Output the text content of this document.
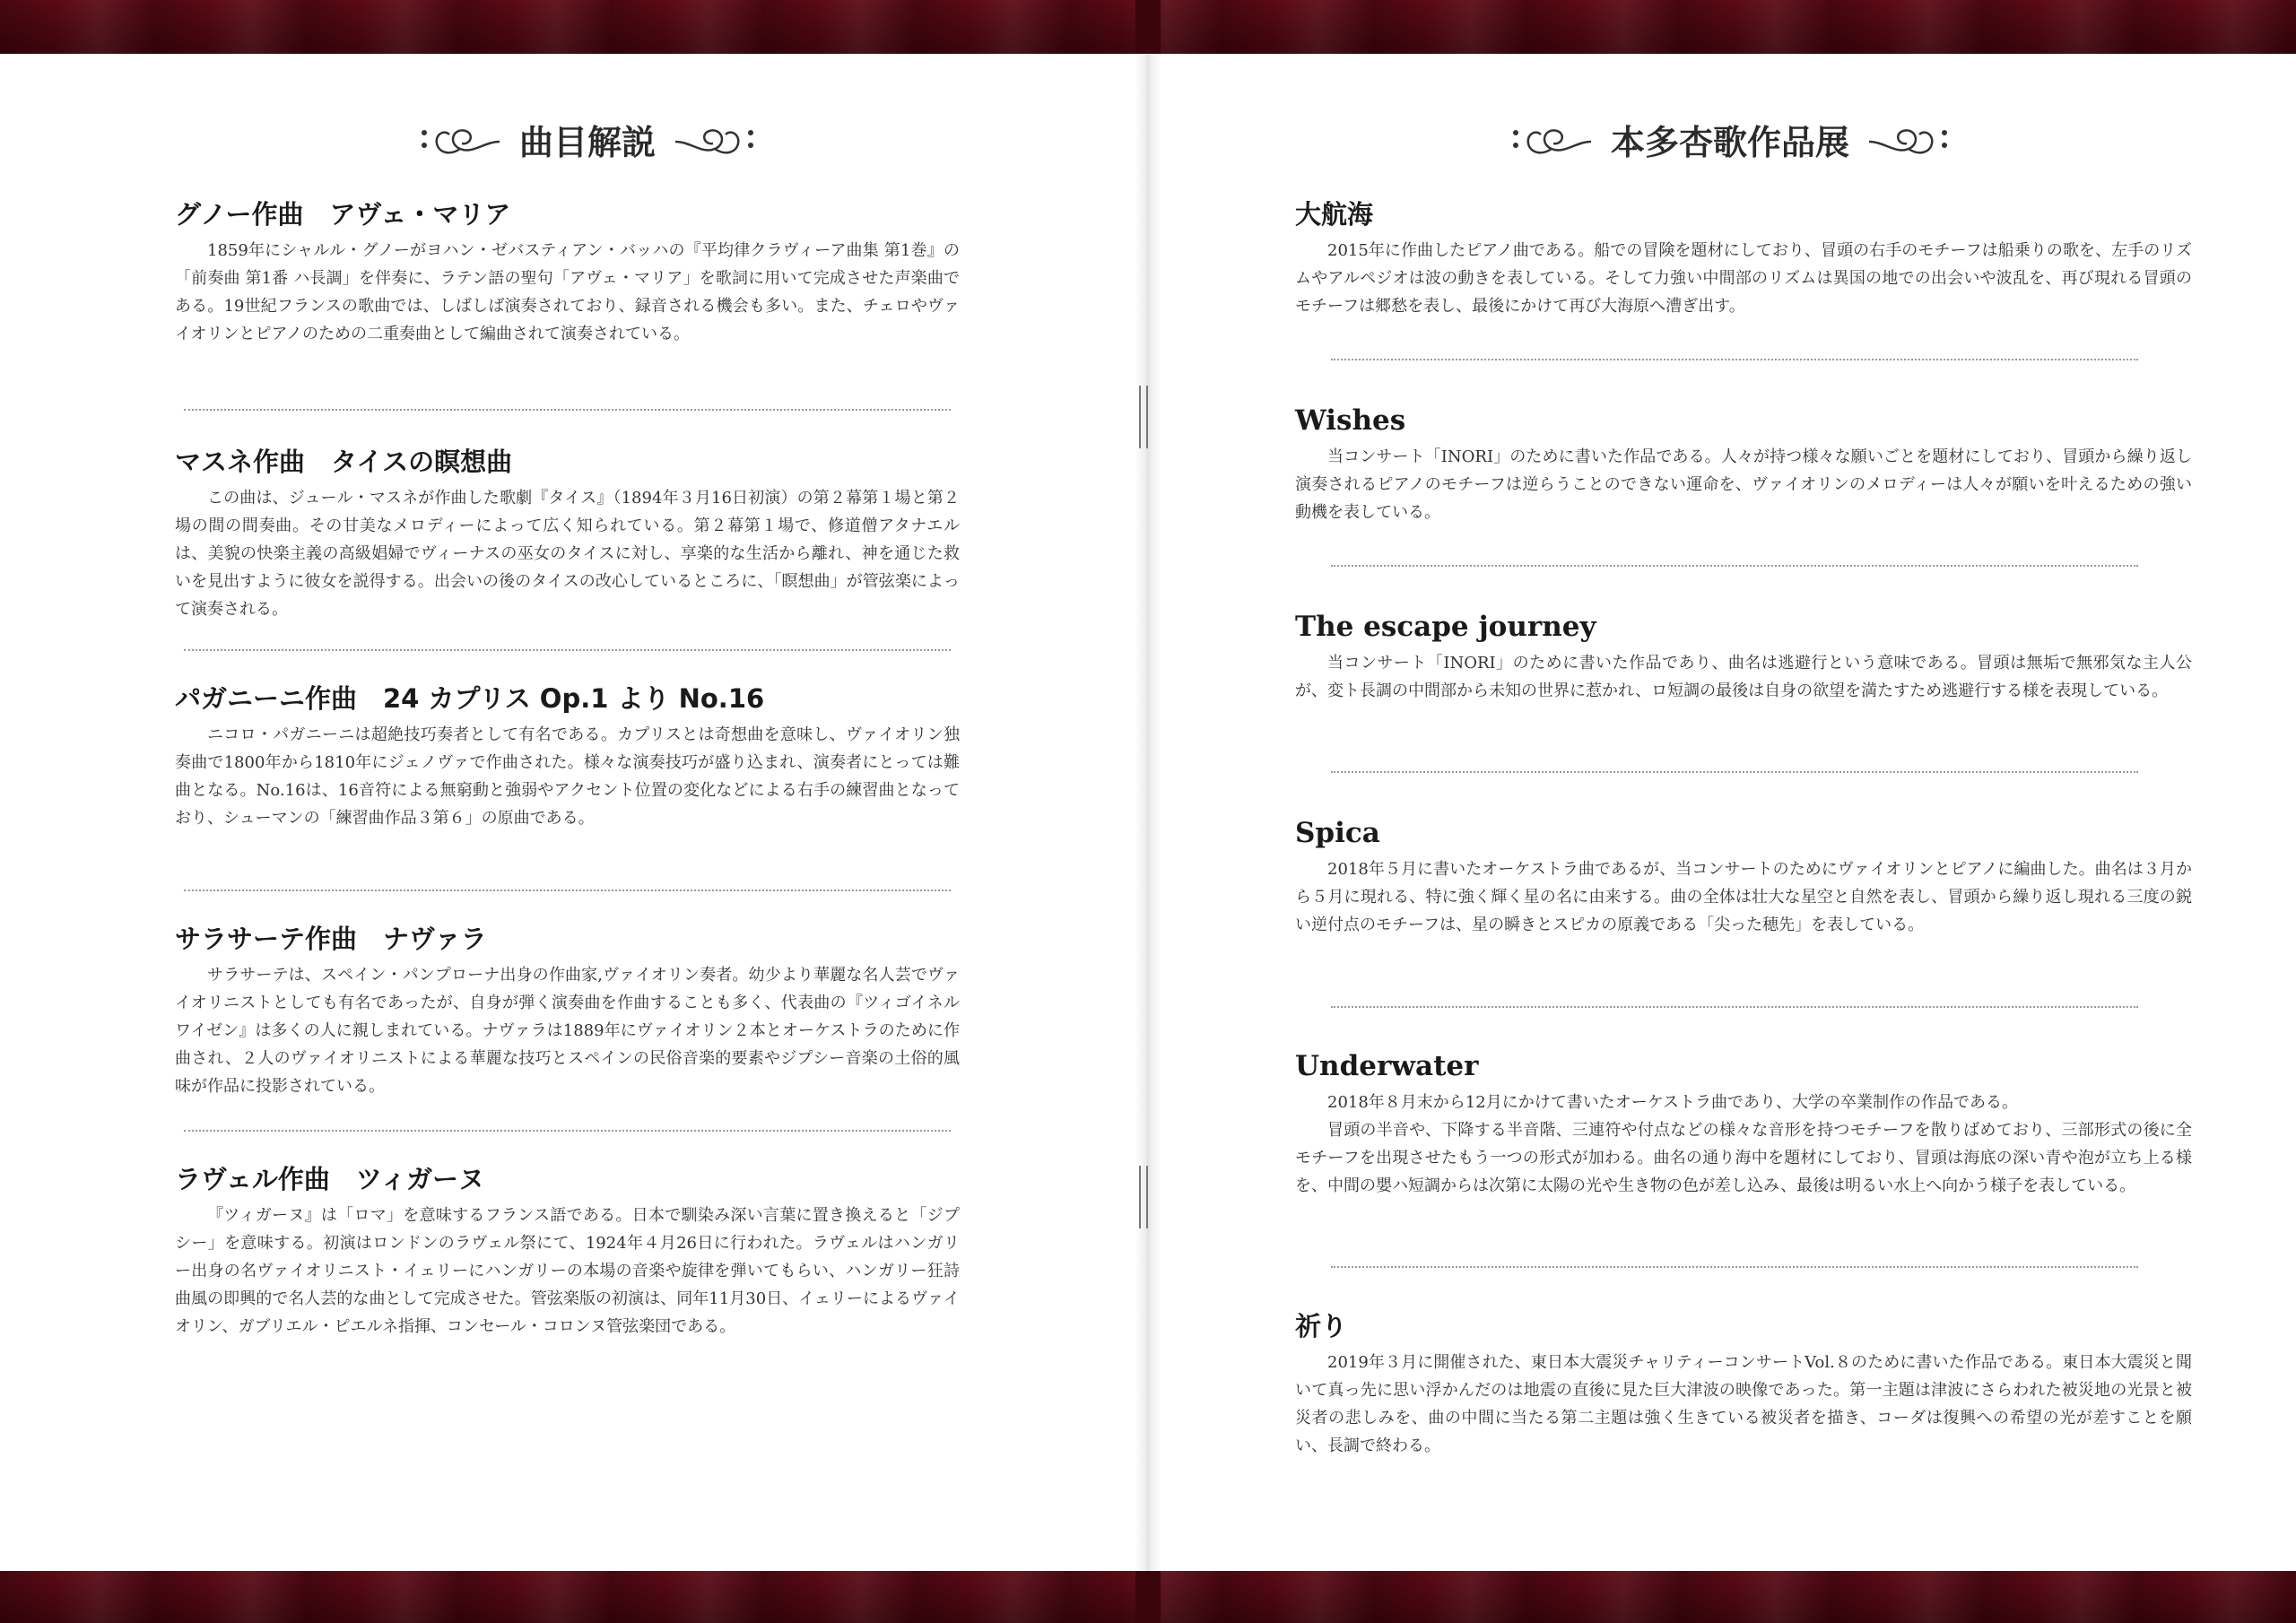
曲目解説
グノー作曲　アヴェ・マリア

1859年にシャルル・グノーがヨハン・ゼバスティアン・バッハの『平均律クラヴィーア曲集 第1巻』の「前奏曲 第1番 ハ長調」を伴奏に、ラテン語の聖句「アヴェ・マリア」を歌詞に用いて完成させた声楽曲である。19世紀フランスの歌曲では、しばしば演奏されており、録音される機会も多い。また、チェロやヴァイオリンとピアノのための二重奏曲として編曲されて演奏されている。

マスネ作曲　タイスの瞑想曲

この曲は、ジュール・マスネが作曲した歌劇『タイス』（1894年３月16日初演）の第２幕第１場と第２場の間の間奏曲。その甘美なメロディーによって広く知られている。第２幕第１場で、修道僧アタナエルは、美貌の快楽主義の高級娼婦でヴィーナスの巫女のタイスに対し、享楽的な生活から離れ、神を通じた救いを見出すように彼女を説得する。出会いの後のタイスの改心しているところに、「瞑想曲」が管弦楽によって演奏される。

パガニーニ作曲　24 カプリス Op.1 より No.16

ニコロ・パガニーニは超絶技巧奏者として有名である。カプリスとは奇想曲を意味し、ヴァイオリン独奏曲で1800年から1810年にジェノヴァで作曲された。様々な演奏技巧が盛り込まれ、演奏者にとっては難曲となる。No.16は、16音符による無窮動と強弱やアクセント位置の変化などによる右手の練習曲となっており、シューマンの「練習曲作品３第６」の原曲である。

サラサーテ作曲　ナヴァラ

サラサーテは、スペイン・パンプローナ出身の作曲家,ヴァイオリン奏者。幼少より華麗な名人芸でヴァイオリニストとしても有名であったが、自身が弾く演奏曲を作曲することも多く、代表曲の『ツィゴイネルワイゼン』は多くの人に親しまれている。ナヴァラは1889年にヴァイオリン２本とオーケストラのために作曲され、２人のヴァイオリニストによる華麗な技巧とスペインの民俗音楽的要素やジプシー音楽の土俗的風味が作品に投影されている。

ラヴェル作曲　ツィガーヌ

『ツィガーヌ』は「ロマ」を意味するフランス語である。日本で馴染み深い言葉に置き換えると「ジプシー」を意味する。初演はロンドンのラヴェル祭にて、1924年４月26日に行われた。ラヴェルはハンガリー出身の名ヴァイオリニスト・イェリーにハンガリーの本場の音楽や旋律を弾いてもらい、ハンガリー狂詩曲風の即興的で名人芸的な曲として完成させた。管弦楽版の初演は、同年11月30日、イェリーによるヴァイオリン、ガブリエル・ピエルネ指揮、コンセール・コロンヌ管弦楽団である。

本多杏歌作品展
大航海

2015年に作曲したピアノ曲である。船での冒険を題材にしており、冒頭の右手のモチーフは船乗りの歌を、左手のリズムやアルペジオは波の動きを表している。そして力強い中間部のリズムは異国の地での出会いや波乱を、再び現れる冒頭のモチーフは郷愁を表し、最後にかけて再び大海原へ漕ぎ出す。

Wishes

当コンサート「INORI」のために書いた作品である。人々が持つ様々な願いごとを題材にしており、冒頭から繰り返し演奏されるピアノのモチーフは逆らうことのできない運命を、ヴァイオリンのメロディーは人々が願いを叶えるための強い動機を表している。

The escape journey

当コンサート「INORI」のために書いた作品であり、曲名は逃避行という意味である。冒頭は無垢で無邪気な主人公が、変ト長調の中間部から未知の世界に惹かれ、ロ短調の最後は自身の欲望を満たすため逃避行する様を表現している。

Spica

2018年５月に書いたオーケストラ曲であるが、当コンサートのためにヴァイオリンとピアノに編曲した。曲名は３月から５月に現れる、特に強く輝く星の名に由来する。曲の全体は壮大な星空と自然を表し、冒頭から繰り返し現れる三度の鋭い逆付点のモチーフは、星の瞬きとスピカの原義である「尖った穂先」を表している。

Underwater

2018年８月末から12月にかけて書いたオーケストラ曲であり、大学の卒業制作の作品である。

冒頭の半音や、下降する半音階、三連符や付点などの様々な音形を持つモチーフを散りばめており、三部形式の後に全モチーフを出現させたもう一つの形式が加わる。曲名の通り海中を題材にしており、冒頭は海底の深い青や泡が立ち上る様を、中間の嬰ハ短調からは次第に太陽の光や生き物の色が差し込み、最後は明るい水上へ向かう様子を表している。

祈り

2019年３月に開催された、東日本大震災チャリティーコンサートVol.８のために書いた作品である。東日本大震災と聞いて真っ先に思い浮かんだのは地震の直後に見た巨大津波の映像であった。第一主題は津波にさらわれた被災地の光景と被災者の悲しみを、曲の中間に当たる第二主題は強く生きている被災者を描き、コーダは復興への希望の光が差すことを願い、長調で終わる。
